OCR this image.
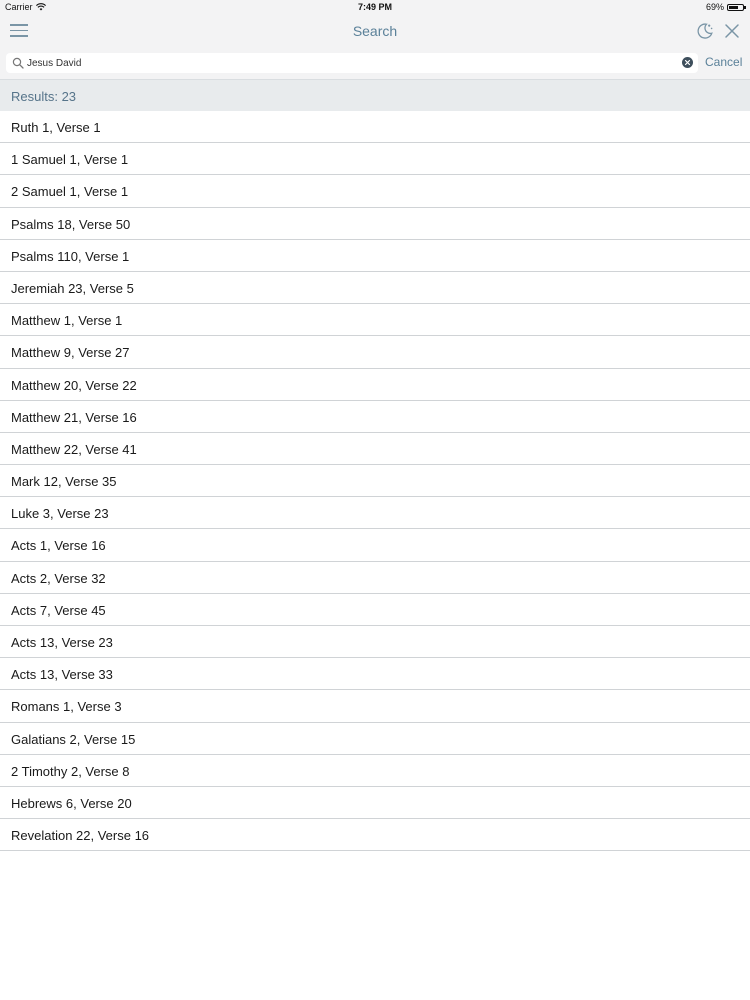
Carrier	7:49 PM	69%
Search
Jesus David
Cancel
Results: 23
Ruth 1, Verse 1
1 Samuel 1, Verse 1
2 Samuel 1, Verse 1
Psalms 18, Verse 50
Psalms 110, Verse 1
Jeremiah 23, Verse 5
Matthew 1, Verse 1
Matthew 9, Verse 27
Matthew 20, Verse 22
Matthew 21, Verse 16
Matthew 22, Verse 41
Mark 12, Verse 35
Luke 3, Verse 23
Acts 1, Verse 16
Acts 2, Verse 32
Acts 7, Verse 45
Acts 13, Verse 23
Acts 13, Verse 33
Romans 1, Verse 3
Galatians 2, Verse 15
2 Timothy 2, Verse 8
Hebrews 6, Verse 20
Revelation 22, Verse 16
